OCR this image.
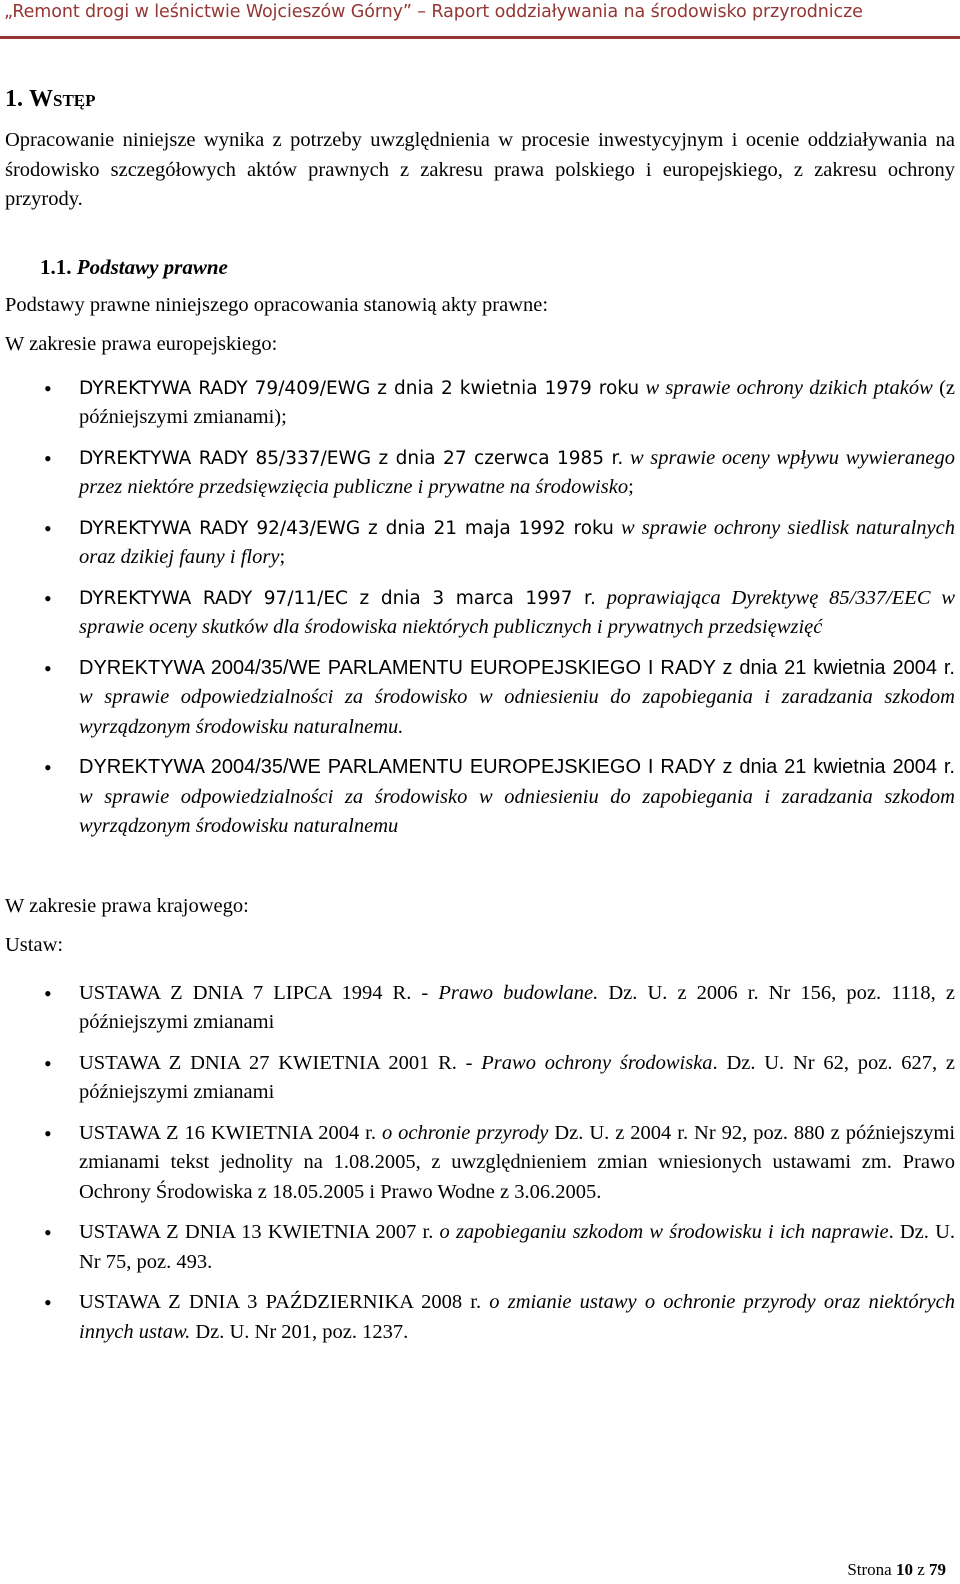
„Remont drogi w leśnictwie Wojcieszów Górny” – Raport oddziaływania na środowisko przyrodnicze
1. Wstęp

Opracowanie niniejsze wynika z potrzeby uwzględnienia w procesie inwestycyjnym i ocenie oddziaływania na środowisko szczegółowych aktów prawnych z zakresu prawa polskiego i europejskiego, z zakresu ochrony przyrody.

1.1. Podstawy prawne

Podstawy prawne niniejszego opracowania stanowią akty prawne:

W zakresie prawa europejskiego:

• DYREKTYWA RADY 79/409/EWG z dnia 2 kwietnia 1979 roku w sprawie ochrony dzikich ptaków (z późniejszymi zmianami);
• DYREKTYWA RADY 85/337/EWG z dnia 27 czerwca 1985 r. w sprawie oceny wpływu wywieranego przez niektóre przedsięwzięcia publiczne i prywatne na środowisko;
• DYREKTYWA RADY 92/43/EWG z dnia 21 maja 1992 roku w sprawie ochrony siedlisk naturalnych oraz dzikiej fauny i flory;
• DYREKTYWA RADY 97/11/EC z dnia 3 marca 1997 r. poprawiająca Dyrektywę 85/337/EEC w sprawie oceny skutków dla środowiska niektórych publicznych i prywatnych przedsięwzięć
• DYREKTYWA 2004/35/WE PARLAMENTU EUROPEJSKIEGO I RADY z dnia 21 kwietnia 2004 r. w sprawie odpowiedzialności za środowisko w odniesieniu do zapobiegania i zaradzania szkodom wyrządzonym środowisku naturalnemu.
• DYREKTYWA 2004/35/WE PARLAMENTU EUROPEJSKIEGO I RADY z dnia 21 kwietnia 2004 r. w sprawie odpowiedzialności za środowisko w odniesieniu do zapobiegania i zaradzania szkodom wyrządzonym środowisku naturalnemu

W zakresie prawa krajowego:

Ustaw:

• USTAWA Z DNIA 7 LIPCA 1994 R. - Prawo budowlane. Dz. U. z 2006 r. Nr 156, poz. 1118, z późniejszymi zmianami
• USTAWA Z DNIA 27 KWIETNIA 2001 R. - Prawo ochrony środowiska. Dz. U. Nr 62, poz. 627, z późniejszymi zmianami
• USTAWA Z 16 KWIETNIA 2004 r. o ochronie przyrody Dz. U. z 2004 r. Nr 92, poz. 880 z późniejszymi zmianami tekst jednolity na 1.08.2005, z uwzględnieniem zmian wniesionych ustawami zm. Prawo Ochrony Środowiska z 18.05.2005 i Prawo Wodne z 3.06.2005.
• USTAWA Z DNIA 13 KWIETNIA 2007 r. o zapobieganiu szkodom w środowisku i ich naprawie. Dz. U. Nr 75, poz. 493.
• USTAWA Z DNIA 3 PAŹDZIERNIKA 2008 r. o zmianie ustawy o ochronie przyrody oraz niektórych innych ustaw. Dz. U. Nr 201, poz. 1237.
Strona 10 z 79
